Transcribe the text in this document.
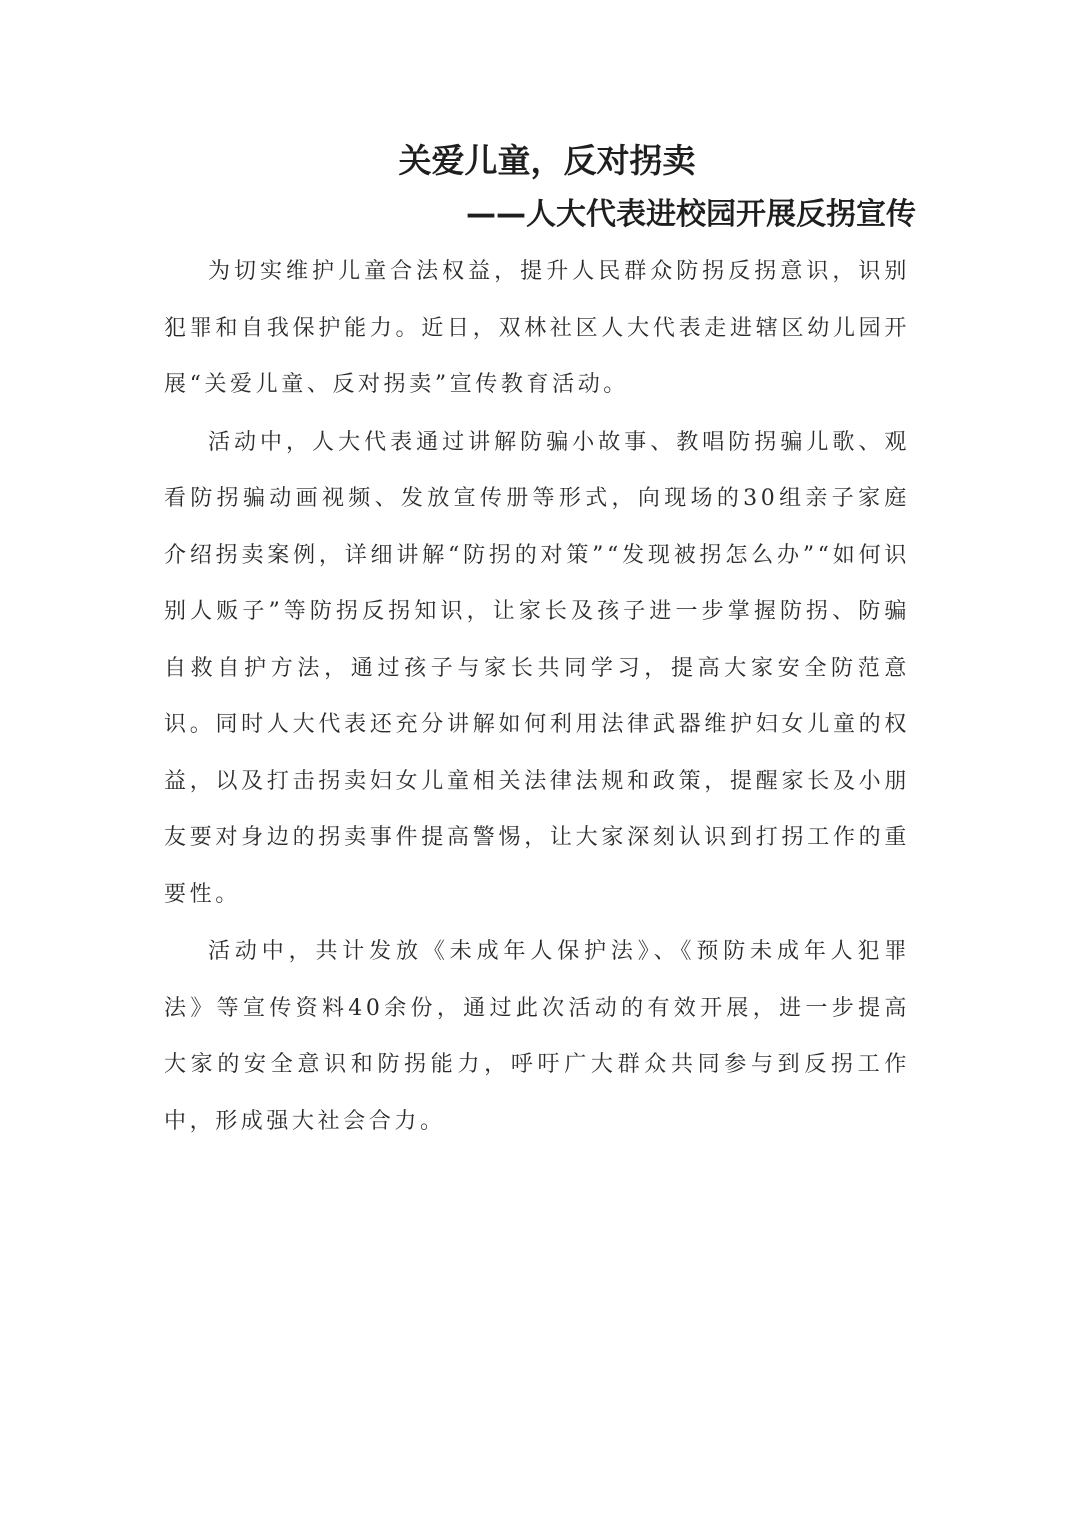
关爱儿童，反对拐卖
——人大代表进校园开展反拐宣传

为切实维护儿童合法权益，提升人民群众防拐反拐意识，识别犯罪和自我保护能力。近日，双林社区人大代表走进辖区幼儿园开展“关爱儿童、反对拐卖”宣传教育活动。

活动中，人大代表通过讲解防骗小故事、教唱防拐骗儿歌、观看防拐骗动画视频、发放宣传册等形式，向现场的30组亲子家庭介绍拐卖案例，详细讲解“防拐的对策”“发现被拐怎么办”“如何识别人贩子”等防拐反拐知识，让家长及孩子进一步掌握防拐、防骗自救自护方法，通过孩子与家长共同学习，提高大家安全防范意识。同时人大代表还充分讲解如何利用法律武器维护妇女儿童的权益，以及打击拐卖妇女儿童相关法律法规和政策，提醒家长及小朋友要对身边的拐卖事件提高警惕，让大家深刻认识到打拐工作的重要性。

活动中，共计发放《未成年人保护法》、《预防未成年人犯罪法》等宣传资料40余份，通过此次活动的有效开展，进一步提高大家的安全意识和防拐能力，呼吁广大群众共同参与到反拐工作中，形成强大社会合力。
